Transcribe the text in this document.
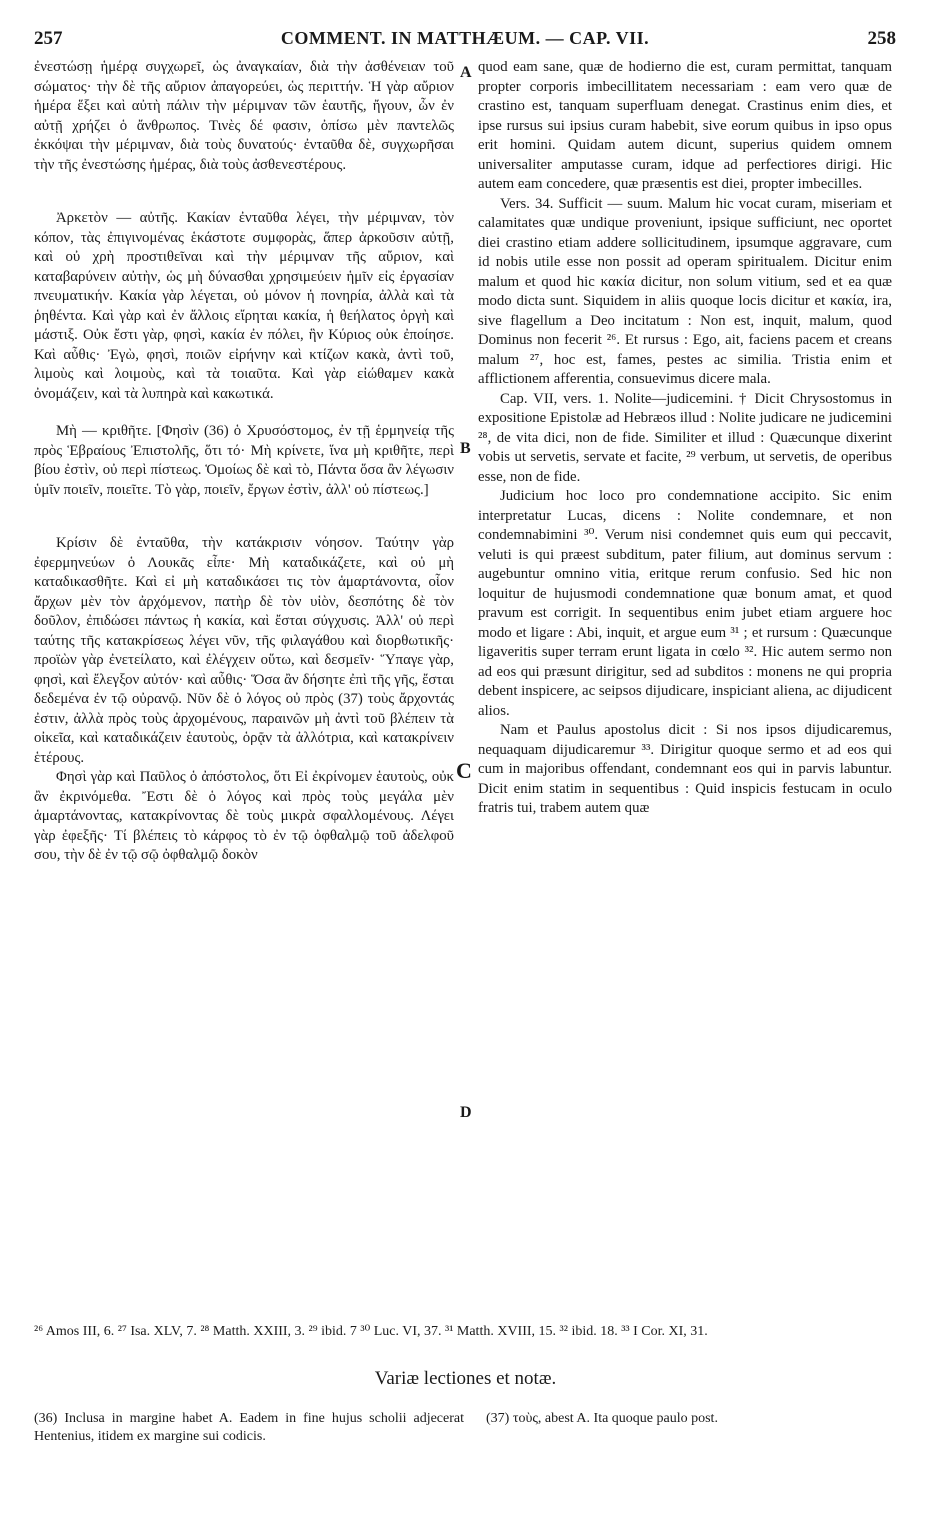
257	COMMENT. IN MATTHÆUM. — CAP. VII.	258

ἐνεστώσῃ ἡμέρᾳ συγχωρεῖ, ὡς ἀναγκαίαν, διὰ τὴν ἀσθένειαν τοῦ σώματος· τὴν δὲ τῆς αὔριον ἀπαγορεύει, ὡς περιττήν. Ἡ γὰρ αὔριον ἡμέρα ἕξει καὶ αὐτὴ πάλιν τὴν μέριμναν τῶν ἑαυτῆς, ἤγουν, ὧν ἐν αὐτῇ χρήζει ὁ ἄνθρωπος. Τινὲς δέ φασιν, ὀπίσω μὲν παντελῶς ἐκκόψαι τὴν μέριμναν, διὰ τοὺς δυνατούς· ἐνταῦθα δὲ, συγχωρῆσαι τὴν τῆς ἐνεστώσης ἡμέρας, διὰ τοὺς ἀσθενεστέρους.

Ἀρκετὸν — αὐτῆς. Κακίαν ἐνταῦθα λέγει, τὴν μέριμναν, τὸν κόπον, τὰς ἐπιγινομένας ἑκάστοτε συμφορὰς, ἅπερ ἀρκοῦσιν αὐτῇ, καὶ οὐ χρὴ προστιθεῖναι καὶ τὴν μέριμναν τῆς αὔριον, καὶ καταβαρύνειν αὐτὴν, ὡς μὴ δύνασθαι χρησιμεύειν ἡμῖν εἰς ἐργασίαν πνευματικήν. Κακία γὰρ λέγεται, οὐ μόνον ἡ πονηρία, ἀλλὰ καὶ τὰ ῥηθέντα. Καὶ γὰρ καὶ ἐν ἄλλοις εἴρηται κακία, ἡ θεήλατος ὀργὴ καὶ μάστιξ. Οὐκ ἔστι γὰρ, φησὶ, κακία ἐν πόλει, ἣν Κύριος οὐκ ἐποίησε. Καὶ αὖθις· Ἐγὼ, φησὶ, ποιῶν εἰρήνην καὶ κτίζων κακὰ, ἀντὶ τοῦ, λιμοὺς καὶ λοιμοὺς, καὶ τὰ τοιαῦτα. Καὶ γὰρ εἰώθαμεν κακὰ ὀνομάζειν, καὶ τὰ λυπηρὰ καὶ κακωτικά.

Μὴ — κριθῆτε. [Φησὶν (36) ὁ Χρυσόστομος, ἐν τῇ ἑρμηνείᾳ τῆς πρὸς Ἑβραίους Ἐπιστολῆς, ὅτι τό· Μὴ κρίνετε, ἵνα μὴ κριθῆτε, περὶ βίου ἐστὶν, οὐ περὶ πίστεως. Ὁμοίως δὲ καὶ τὸ, Πάντα ὅσα ἂν λέγωσιν ὑμῖν ποιεῖν, ποιεῖτε. Τὸ γὰρ, ποιεῖν, ἔργων ἐστὶν, ἀλλ' οὐ πίστεως.]

Κρίσιν δὲ ἐνταῦθα, τὴν κατάκρισιν νόησον. Ταύτην γὰρ ἐφερμηνεύων ὁ Λουκᾶς εἶπε· Μὴ καταδικάζετε, καὶ οὐ μὴ καταδικασθῆτε. Καὶ εἰ μὴ καταδικάσει τις τὸν ἁμαρτάνοντα, οἷον ἄρχων μὲν τὸν ἀρχόμενον, πατὴρ δὲ τὸν υἱὸν, δεσπότης δὲ τὸν δοῦλον, ἐπιδώσει πάντως ἡ κακία, καὶ ἔσται σύγχυσις. Ἀλλ' οὐ περὶ ταύτης τῆς κατακρίσεως λέγει νῦν, τῆς φιλαγάθου καὶ διορθωτικῆς· προϊὼν γὰρ ἐνετείλατο, καὶ ἐλέγχειν οὕτω, καὶ δεσμεῖν· Ὕπαγε γὰρ, φησὶ, καὶ ἔλεγξον αὐτόν· καὶ αὖθις· Ὅσα ἂν δήσητε ἐπὶ τῆς γῆς, ἔσται δεδεμένα ἐν τῷ οὐρανῷ. Νῦν δὲ ὁ λόγος οὐ πρὸς (37) τοὺς ἄρχοντάς ἐστιν, ἀλλὰ πρὸς τοὺς ἀρχομένους, παραινῶν μὴ ἀντὶ τοῦ βλέπειν τὰ οἰκεῖα, καὶ καταδικάζειν ἑαυτοὺς, ὁρᾷν τὰ ἀλλότρια, καὶ κατακρίνειν ἑτέρους.

Φησὶ γὰρ καὶ Παῦλος ὁ ἀπόστολος, ὅτι Εἰ ἐκρίνομεν ἑαυτοὺς, οὐκ ἂν ἐκρινόμεθα. Ἔστι δὲ ὁ λόγος καὶ πρὸς τοὺς μεγάλα μὲν ἁμαρτάνοντας, κατακρίνοντας δὲ τοὺς μικρὰ σφαλλομένους. Λέγει γὰρ ἐφεξῆς· Τί βλέπεις τὸ κάρφος τὸ ἐν τῷ ὀφθαλμῷ τοῦ ἀδελφοῦ σου, τὴν δὲ ἐν τῷ σῷ ὀφθαλμῷ δοκὸν

A
B
C
D

quod eam sane, quæ de hodierno die est, curam permittat, tanquam propter corporis imbecillitatem necessariam : eam vero quæ de crastino est, tanquam superfluam denegat. Crastinus enim dies, et ipse rursus sui ipsius curam habebit, sive eorum quibus in ipso opus erit homini. Quidam autem dicunt, superius quidem omnem universaliter amputasse curam, idque ad perfectiores dirigi. Hic autem eam concedere, quæ præsentis est diei, propter imbecilles.

Vers. 34. Sufficit — suum. Malum hic vocat curam, miseriam et calamitates quæ undique proveniunt, ipsique sufficiunt, nec oportet diei crastino etiam addere sollicitudinem, ipsumque aggravare, cum id nobis utile esse non possit ad operam spiritualem. Dicitur enim malum et quod hic κακία dicitur, non solum vitium, sed et ea quæ modo dicta sunt. Siquidem in aliis quoque locis dicitur et κακία, ira, sive flagellum a Deo incitatum : Non est, inquit, malum, quod Dominus non fecerit ²⁶. Et rursus : Ego, ait, faciens pacem et creans malum ²⁷, hoc est, fames, pestes ac similia. Tristia enim et afflictionem afferentia, consuevimus dicere mala.

Cap. VII, vers. 1. Nolite—judicemini. † Dicit Chrysostomus in expositione Epistolæ ad Hebræos illud : Nolite judicare ne judicemini ²⁸, de vita dici, non de fide. Similiter et illud : Quæcunque dixerint vobis ut servetis, servate et facite, ²⁹ verbum, ut servetis, de operibus esse, non de fide.

Judicium hoc loco pro condemnatione accipito. Sic enim interpretatur Lucas, dicens : Nolite condemnare, et non condemnabimini ³⁰. Verum nisi condemnet quis eum qui peccavit, veluti is qui præest subditum, pater filium, aut dominus servum : augebuntur omnino vitia, eritque rerum confusio. Sed hic non loquitur de hujusmodi condemnatione quæ bonum amat, et quod pravum est corrigit. In sequentibus enim jubet etiam arguere hoc modo et ligare : Abi, inquit, et argue eum ³¹ ; et rursum : Quæcunque ligaveritis super terram erunt ligata in cœlo ³². Hic autem sermo non ad eos qui præsunt dirigitur, sed ad subditos : monens ne qui propria debent inspicere, ac seipsos dijudicare, inspiciant aliena, ac dijudicent alios.

Nam et Paulus apostolus dicit : Si nos ipsos dijudicaremus, nequaquam dijudicaremur ³³. Dirigitur quoque sermo et ad eos qui cum in majoribus offendant, condemnant eos qui in parvis labuntur. Dicit enim statim in sequentibus : Quid inspicis festucam in oculo fratris tui, trabem autem quæ

²⁶ Amos III, 6. ²⁷ Isa. XLV, 7. ²⁸ Matth. XXIII, 3. ²⁹ ibid. 7 ³⁰ Luc. VI, 37. ³¹ Matth. XVIII, 15. ³² ibid. 18. ³³ I Cor. XI, 31.
Variæ lectiones et notæ.
(36) Inclusa in margine habet A. Eadem in fine hujus scholii adjecerat Hentenius, itidem ex margine sui codicis.
(37) τοὺς, abest A. Ita quoque paulo post.
